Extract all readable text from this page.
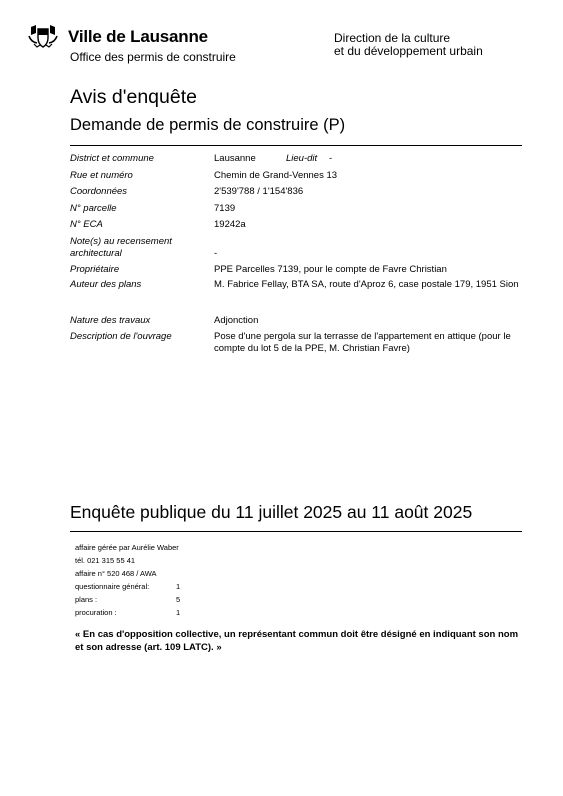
Ville de Lausanne
Office des permis de construire
Direction de la culture
et du développement urbain
Avis d'enquête
Demande de permis de construire (P)
District et commune	Lausanne	Lieu-dit -
Rue et numéro	Chemin de Grand-Vennes 13
Coordonnées	2'539'788 / 1'154'836
N° parcelle	7139
N° ECA	19242a
Note(s) au recensement architectural	-
Propriétaire	PPE Parcelles 7139, pour le compte de Favre Christian
Auteur des plans	M. Fabrice Fellay, BTA SA, route d'Aproz 6, case postale 179, 1951 Sion
Nature des travaux	Adjonction
Description de l'ouvrage	Pose d'une pergola sur la terrasse de l'appartement en attique (pour le compte du lot 5 de la PPE, M. Christian Favre)
Enquête publique du 11 juillet 2025 au 11 août 2025
affaire gérée par Aurélie Waber
tél. 021 315 55 41
affaire n° 520 468 / AWA
questionnaire général:	1
plans :	5
procuration :	1
« En cas d'opposition collective, un représentant commun doit être désigné en indiquant son nom et son adresse (art. 109 LATC). »
